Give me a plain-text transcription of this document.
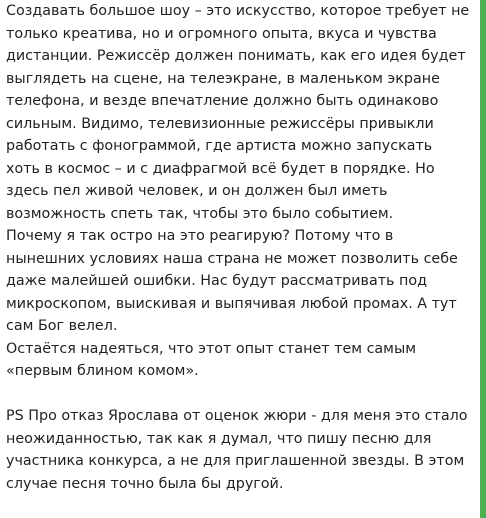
Создавать большое шоу – это искусство, которое требует не только креатива, но и огромного опыта, вкуса и чувства дистанции. Режиссёр должен понимать, как его идея будет выглядеть на сцене, на телеэкране, в маленьком экране телефона, и везде впечатление должно быть одинаково сильным. Видимо, телевизионные режиссёры привыкли работать с фонограммой, где артиста можно запускать хоть в космос – и с диафрагмой всё будет в порядке. Но здесь пел живой человек, и он должен был иметь возможность спеть так, чтобы это было событием.

Почему я так остро на это реагирую? Потому что в нынешних условиях наша страна не может позволить себе даже малейшей ошибки. Нас будут рассматривать под микроскопом, выискивая и выпячивая любой промах. А тут сам Бог велел.

Остаётся надеяться, что этот опыт станет тем самым «первым блином комом».

PS Про отказ Ярослава от оценок жюри - для меня это стало неожиданностью, так как я думал, что пишу песню для участника конкурса, а не для приглашенной звезды. В этом случае песня точно была бы другой.
